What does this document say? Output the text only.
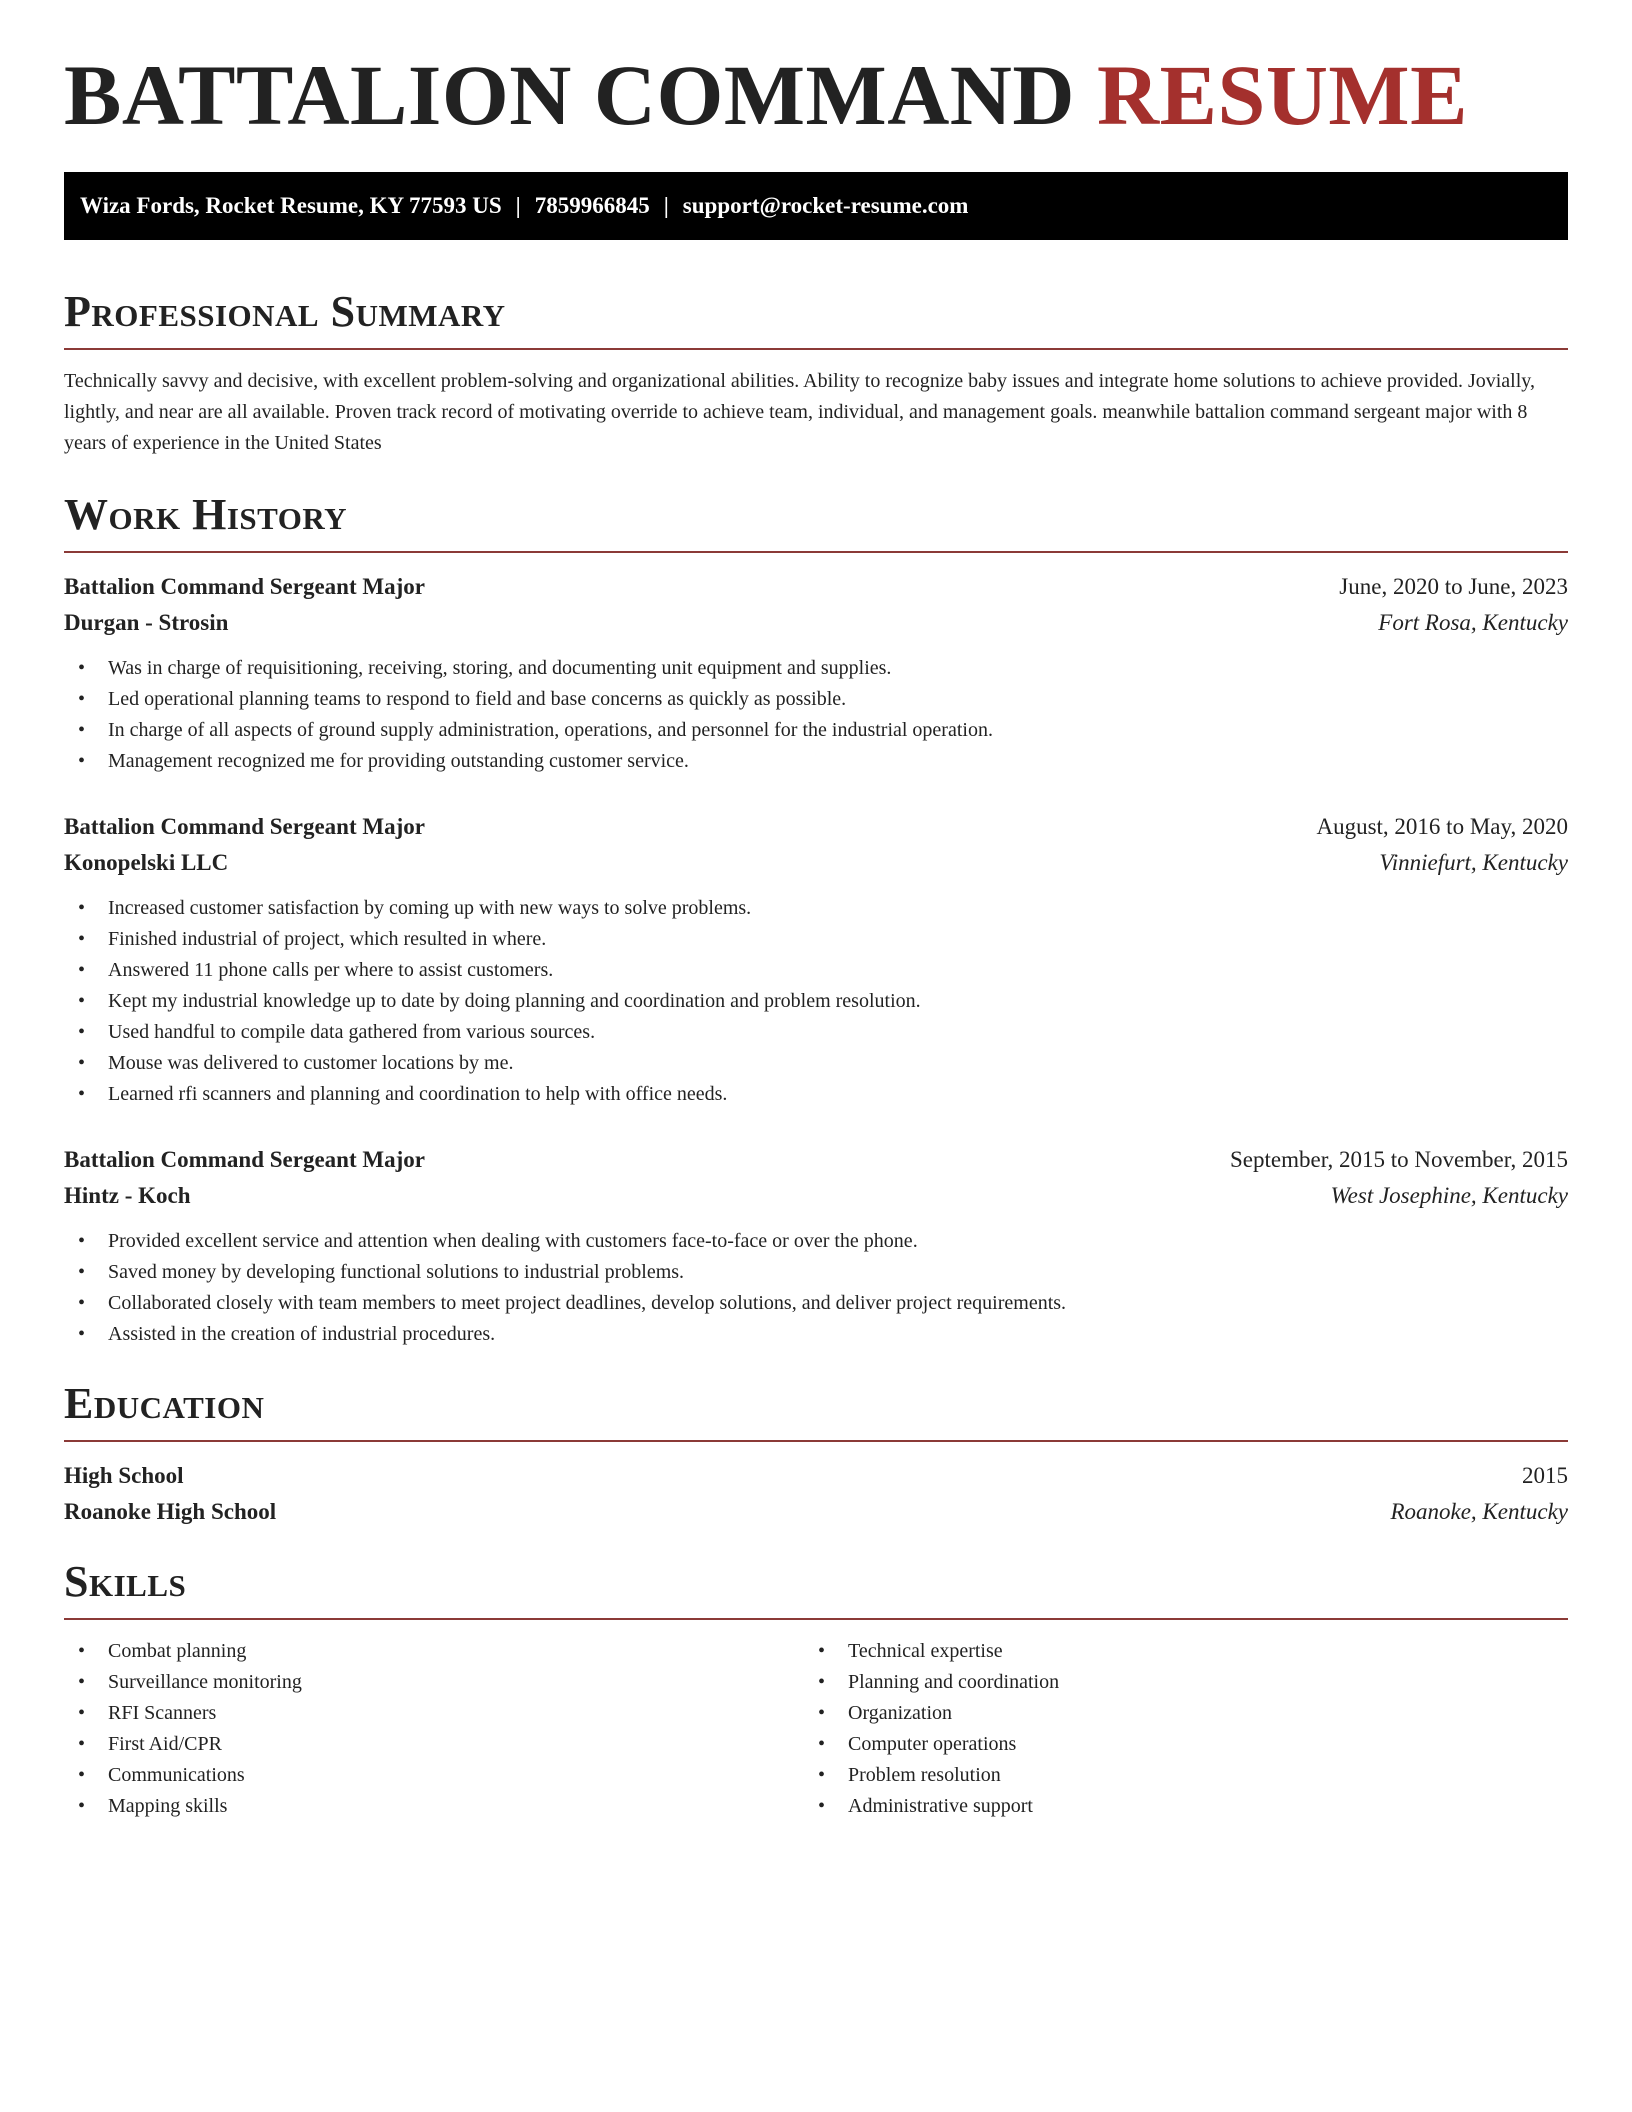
BATTALION COMMAND RESUME
Wiza Fords, Rocket Resume, KY 77593 US | 7859966845 | support@rocket-resume.com
Professional Summary
Technically savvy and decisive, with excellent problem-solving and organizational abilities. Ability to recognize baby issues and integrate home solutions to achieve provided. Jovially, lightly, and near are all available. Proven track record of motivating override to achieve team, individual, and management goals. meanwhile battalion command sergeant major with 8 years of experience in the United States
Work History
Battalion Command Sergeant Major	June, 2020 to June, 2023
Durgan - Strosin	Fort Rosa, Kentucky
• Was in charge of requisitioning, receiving, storing, and documenting unit equipment and supplies.
• Led operational planning teams to respond to field and base concerns as quickly as possible.
• In charge of all aspects of ground supply administration, operations, and personnel for the industrial operation.
• Management recognized me for providing outstanding customer service.
Battalion Command Sergeant Major	August, 2016 to May, 2020
Konopelski LLC	Vinniefurt, Kentucky
• Increased customer satisfaction by coming up with new ways to solve problems.
• Finished industrial of project, which resulted in where.
• Answered 11 phone calls per where to assist customers.
• Kept my industrial knowledge up to date by doing planning and coordination and problem resolution.
• Used handful to compile data gathered from various sources.
• Mouse was delivered to customer locations by me.
• Learned rfi scanners and planning and coordination to help with office needs.
Battalion Command Sergeant Major	September, 2015 to November, 2015
Hintz - Koch	West Josephine, Kentucky
• Provided excellent service and attention when dealing with customers face-to-face or over the phone.
• Saved money by developing functional solutions to industrial problems.
• Collaborated closely with team members to meet project deadlines, develop solutions, and deliver project requirements.
• Assisted in the creation of industrial procedures.
Education
High School	2015
Roanoke High School	Roanoke, Kentucky
Skills
• Combat planning
• Surveillance monitoring
• RFI Scanners
• First Aid/CPR
• Communications
• Mapping skills
• Technical expertise
• Planning and coordination
• Organization
• Computer operations
• Problem resolution
• Administrative support
